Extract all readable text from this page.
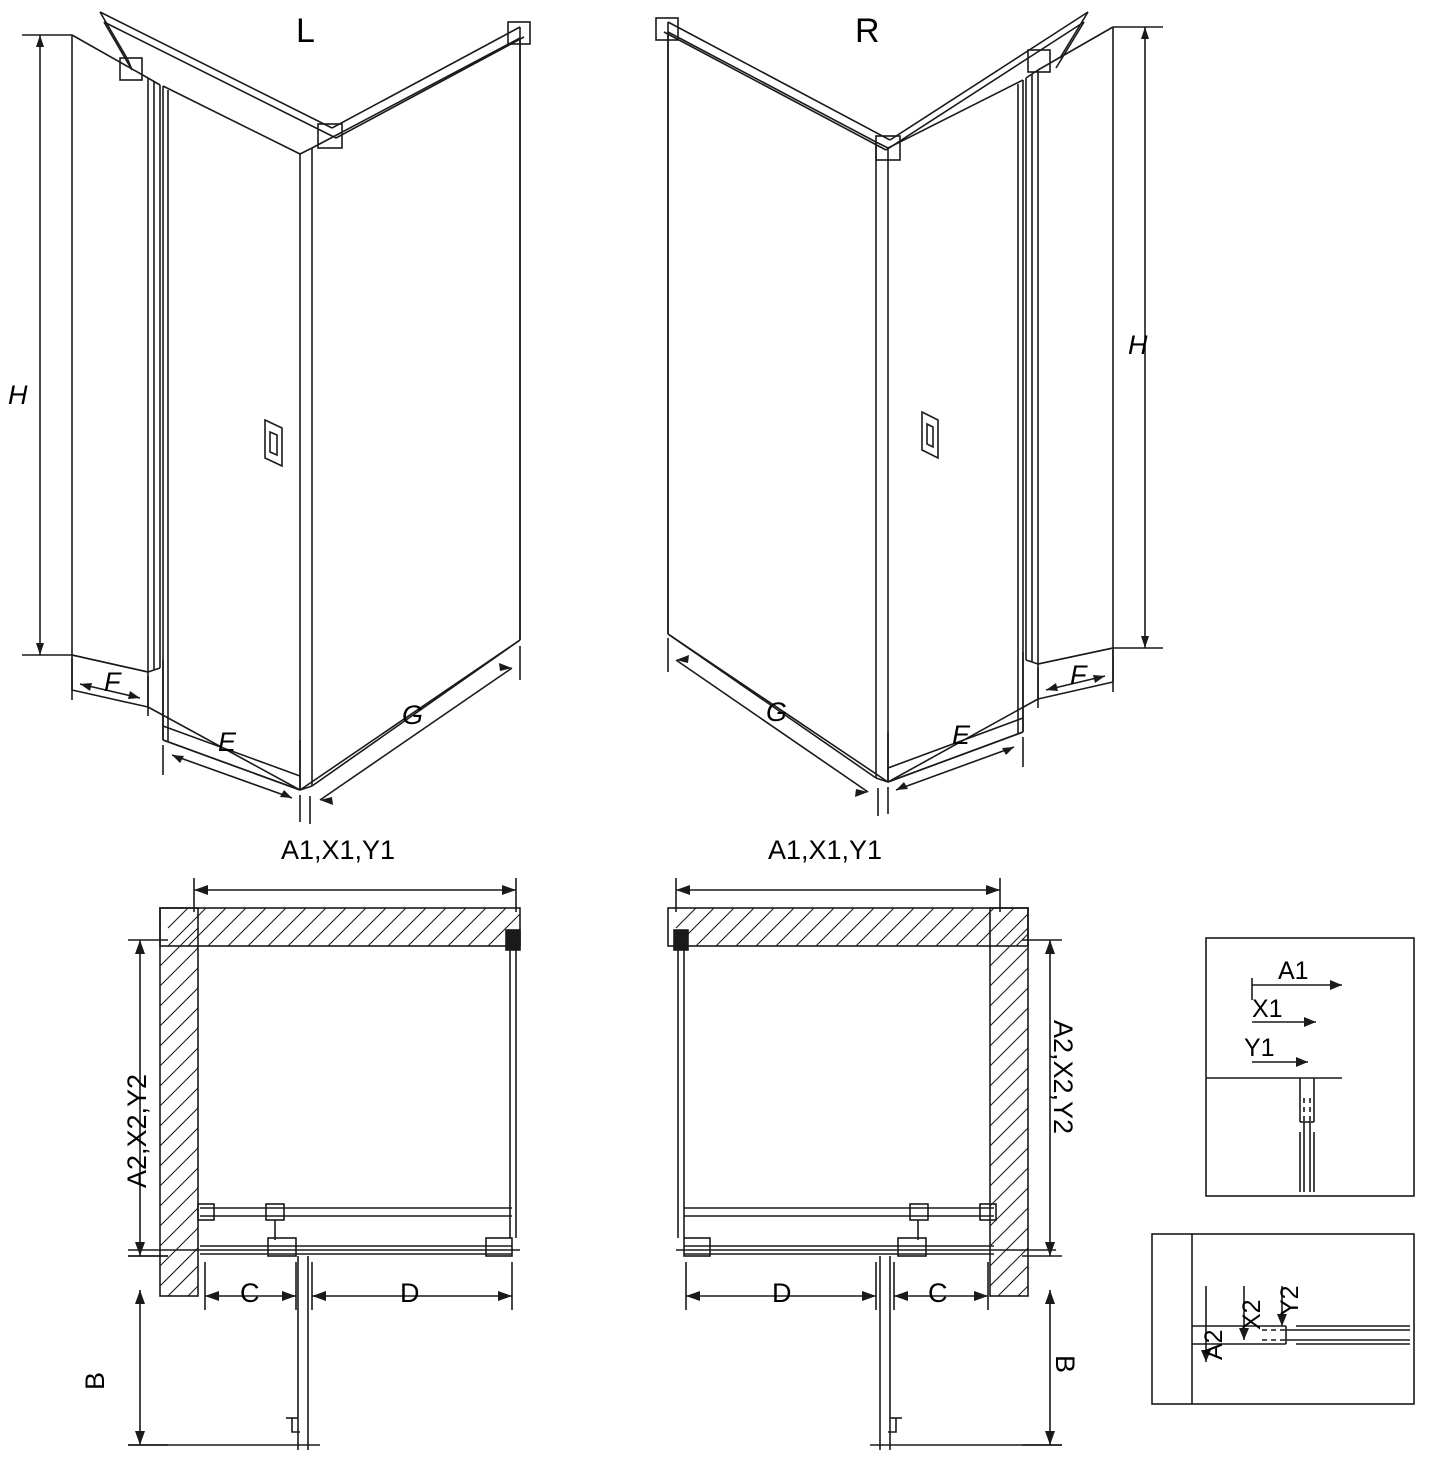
L	R
H
H
F
E
G
F
E
G
A1,X1,Y1	A1,X1,Y1
A2,X2,Y2	A2,X2,Y2
C	D	D	C
B
B
A1
X1
Y1
A2
X2 Y2
